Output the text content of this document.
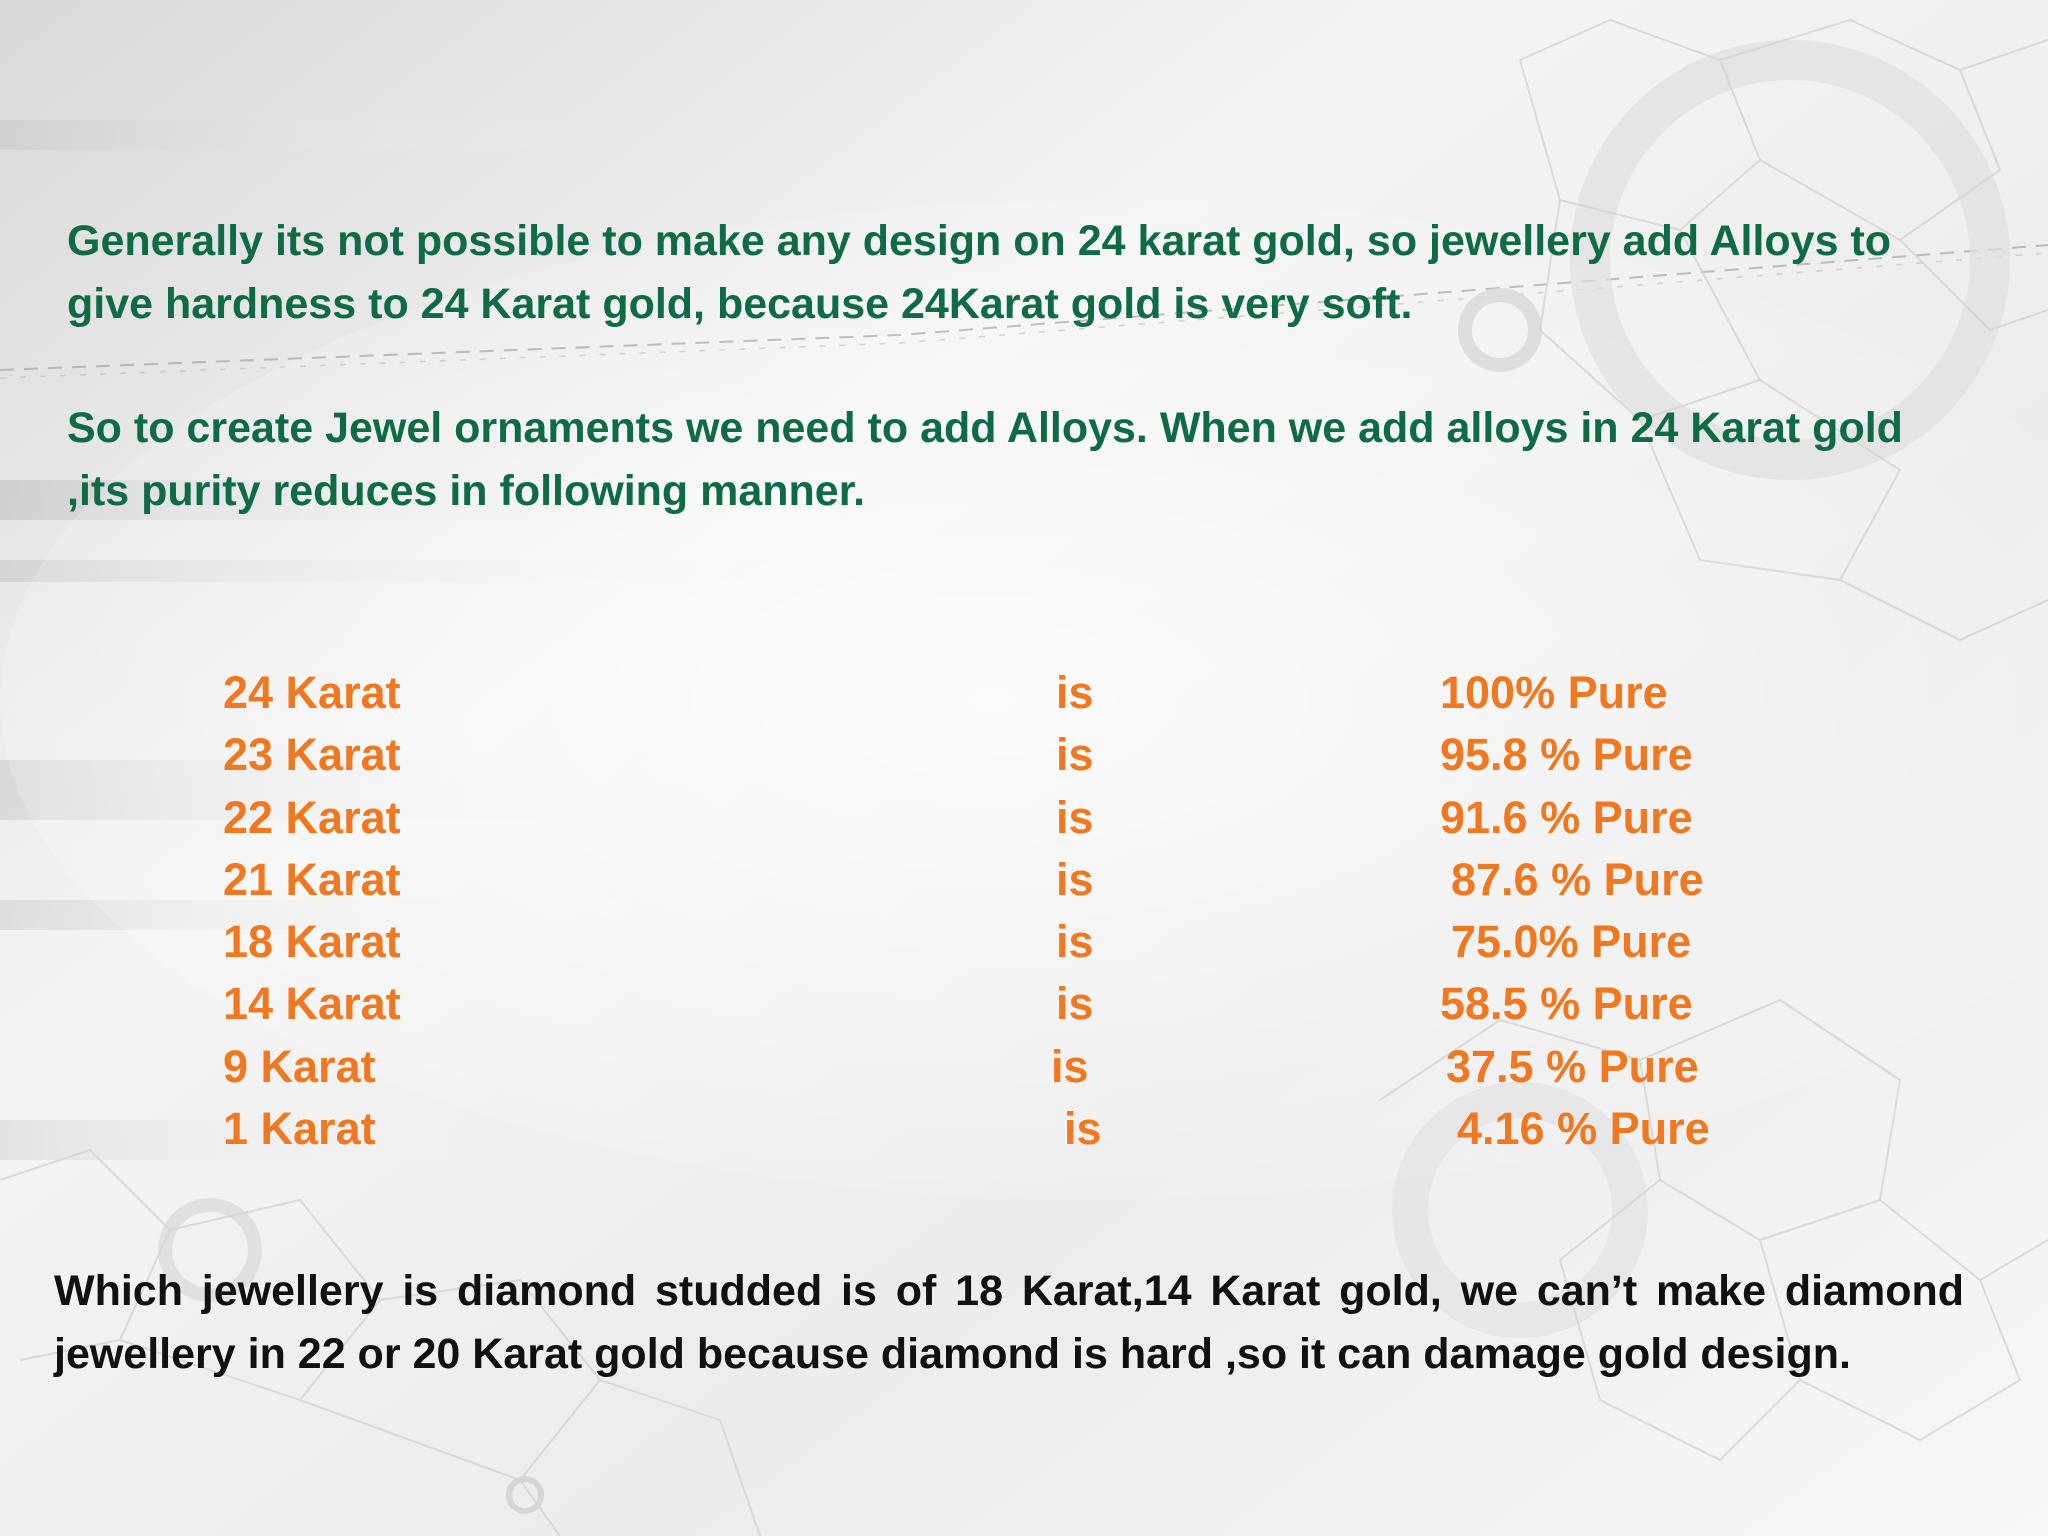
Generally its not possible to make any design on 24 karat gold, so jewellery add Alloys to give hardness to 24 Karat gold, because 24Karat gold is very soft.

So to create Jewel ornaments we need to add Alloys. When we add alloys in 24 Karat gold ,its purity reduces in following manner.

24 Karat	is	100% Pure
23 Karat	is	95.8 % Pure
22 Karat	is	91.6 % Pure
21 Karat	is	87.6 % Pure
18 Karat	is	75.0% Pure
14 Karat	is	58.5 % Pure
9 Karat	is	37.5 % Pure
1 Karat	is	4.16 % Pure

Which jewellery is diamond studded is of 18 Karat,14 Karat gold, we can’t make diamond jewellery in 22 or 20 Karat gold because diamond is hard ,so it can damage gold design.
